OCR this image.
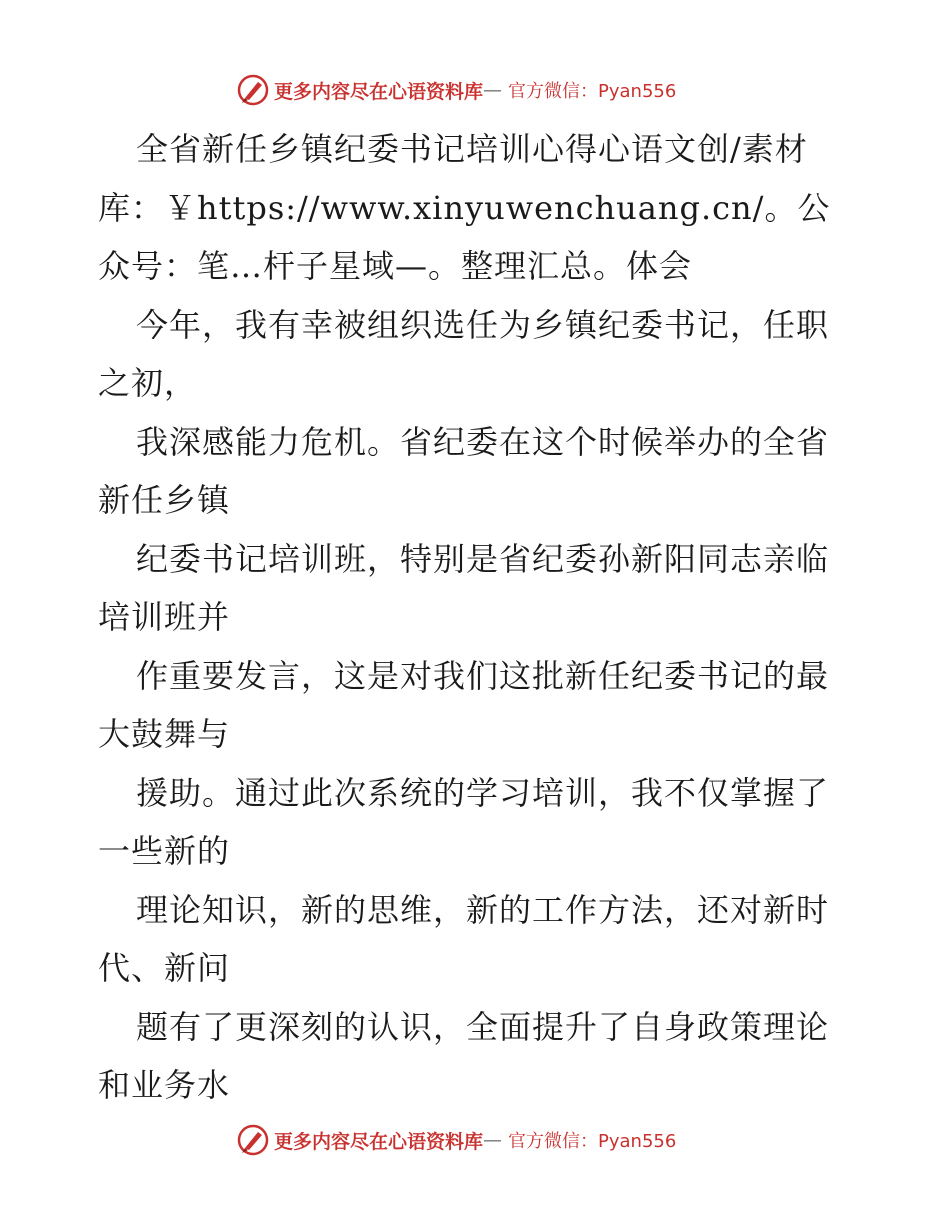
更多内容尽在心语资料库 — 官方微信：Pyan556

全省新任乡镇纪委书记培训心得心语文创/素材库：￥https://www.xinyuwenchuang.cn/。公众号：笔…杆子星域—。整理汇总。体会

今年，我有幸被组织选任为乡镇纪委书记，任职之初，

我深感能力危机。省纪委在这个时候举办的全省新任乡镇

纪委书记培训班，特别是省纪委孙新阳同志亲临培训班并

作重要发言，这是对我们这批新任纪委书记的最大鼓舞与

援助。通过此次系统的学习培训，我不仅掌握了一些新的

理论知识，新的思维，新的工作方法，还对新时代、新问

题有了更深刻的认识，全面提升了自身政策理论和业务水

更多内容尽在心语资料库 — 官方微信：Pyan556
